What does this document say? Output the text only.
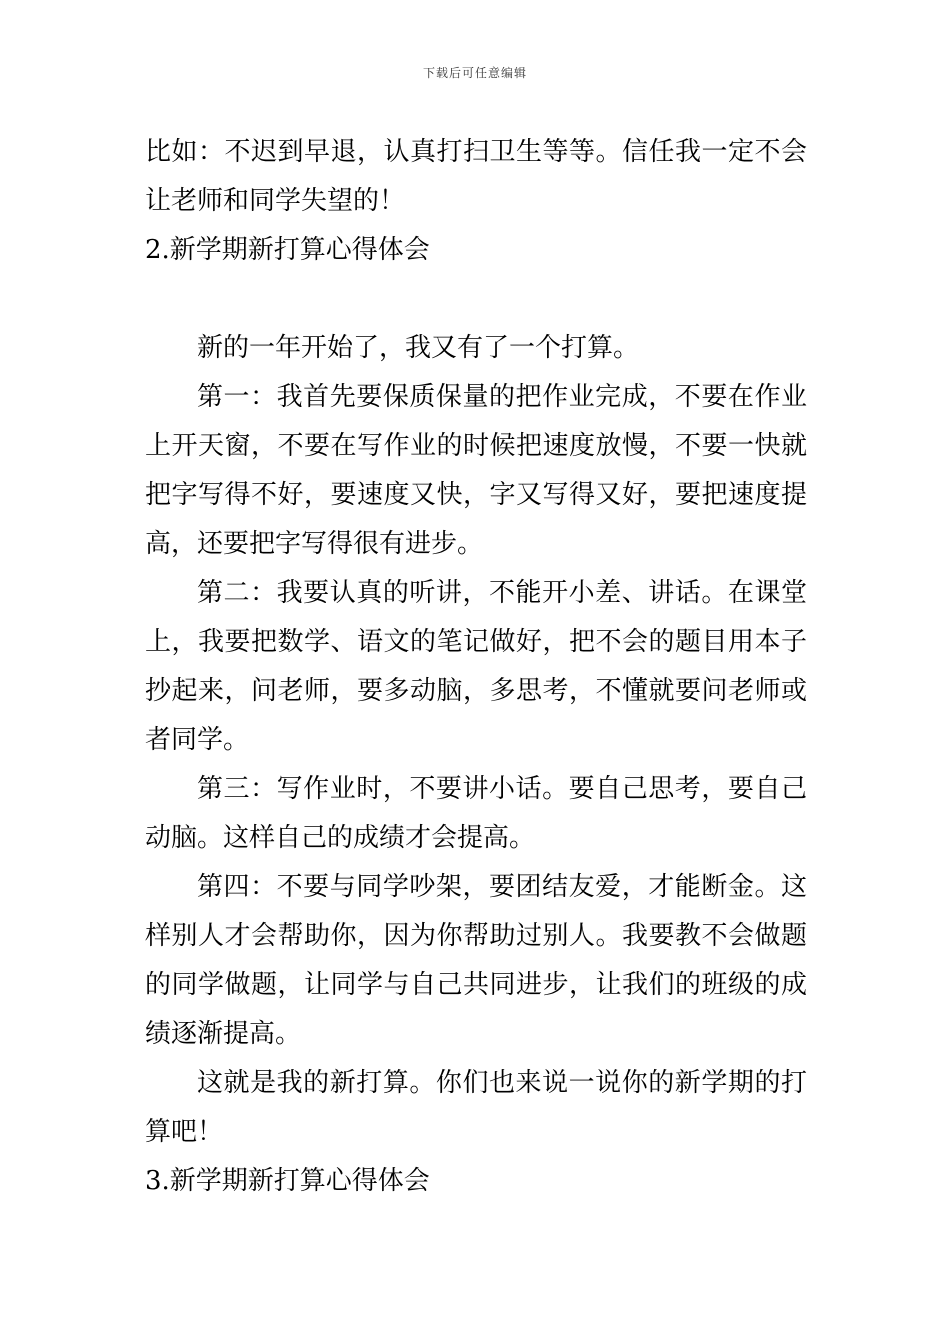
下载后可任意编辑

比如：不迟到早退，认真打扫卫生等等。信任我一定不会让老师和同学失望的！

2.新学期新打算心得体会

新的一年开始了，我又有了一个打算。

第一：我首先要保质保量的把作业完成，不要在作业上开天窗，不要在写作业的时候把速度放慢，不要一快就把字写得不好，要速度又快，字又写得又好，要把速度提高，还要把字写得很有进步。

第二：我要认真的听讲，不能开小差、讲话。在课堂上，我要把数学、语文的笔记做好，把不会的题目用本子抄起来，问老师，要多动脑，多思考，不懂就要问老师或者同学。

第三：写作业时，不要讲小话。要自己思考，要自己动脑。这样自己的成绩才会提高。

第四：不要与同学吵架，要团结友爱，才能断金。这样别人才会帮助你，因为你帮助过别人。我要教不会做题的同学做题，让同学与自己共同进步，让我们的班级的成绩逐渐提高。

这就是我的新打算。你们也来说一说你的新学期的打算吧！

3.新学期新打算心得体会
